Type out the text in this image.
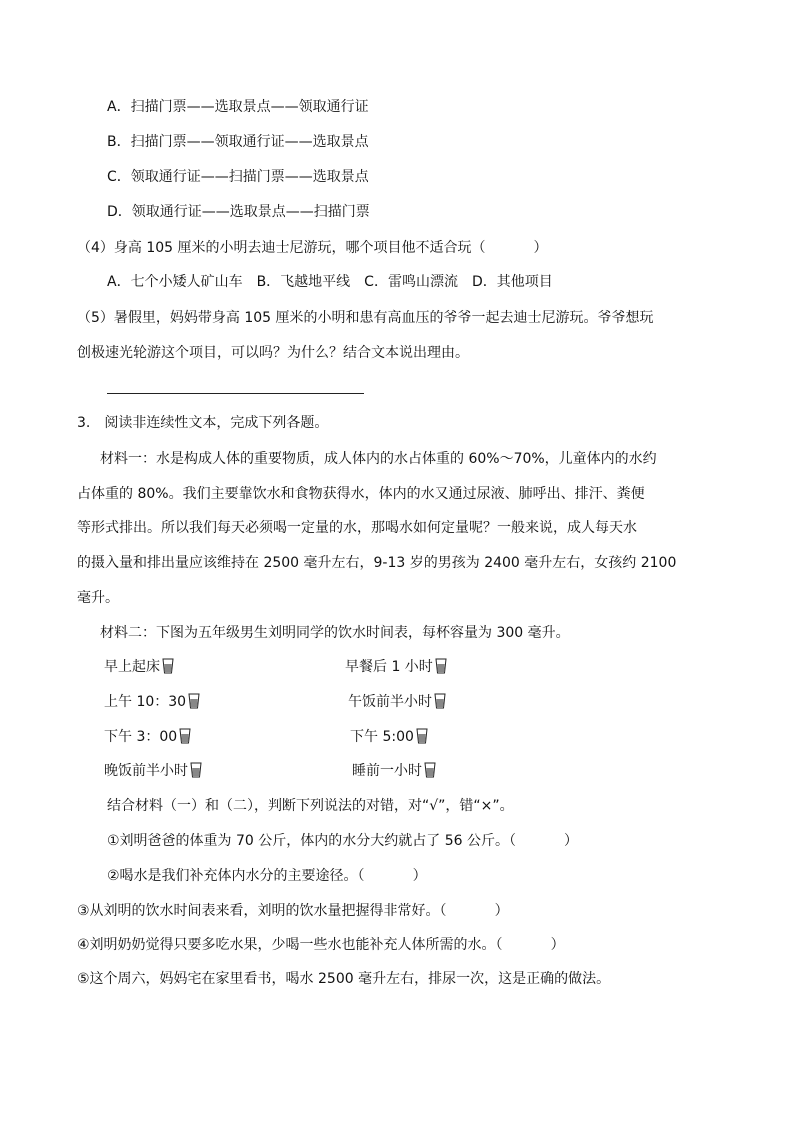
A．扫描门票——选取景点——领取通行证
B．扫描门票——领取通行证——选取景点
C．领取通行证——扫描门票——选取景点
D．领取通行证——选取景点——扫描门票
（4）身高 105 厘米的小明去迪士尼游玩，哪个项目他不适合玩（	）
A．七个小矮人矿山车　B．飞越地平线　C．雷鸣山漂流　D．其他项目
（5）暑假里，妈妈带身高 105 厘米的小明和患有高血压的爷爷一起去迪士尼游玩。爷爷想玩
创极速光轮游这个项目，可以吗？为什么？结合文本说出理由。
3.　阅读非连续性文本，完成下列各题。
材料一：水是构成人体的重要物质，成人体内的水占体重的 60%～70%，儿童体内的水约
占体重的 80%。我们主要靠饮水和食物获得水，体内的水又通过尿液、肺呼出、排汗、粪便
等形式排出。所以我们每天必须喝一定量的水，那喝水如何定量呢？一般来说，成人每天水
的摄入量和排出量应该维持在 2500 毫升左右，9-13 岁的男孩为 2400 毫升左右，女孩约 2100
毫升。
材料二：下图为五年级男生刘明同学的饮水时间表，每杯容量为 300 毫升。
早上起床	早餐后 1 小时
上午 10：30	午饭前半小时
下午 3：00	下午 5:00
晚饭前半小时	睡前一小时
结合材料（一）和（二），判断下列说法的对错，对“√”，错“×”。
①刘明爸爸的体重为 70 公斤，体内的水分大约就占了 56 公斤。（	）
②喝水是我们补充体内水分的主要途径。（	）
③从刘明的饮水时间表来看，刘明的饮水量把握得非常好。（	）
④刘明奶奶觉得只要多吃水果，少喝一些水也能补充人体所需的水。（	）
⑤这个周六，妈妈宅在家里看书，喝水 2500 毫升左右，排尿一次，这是正确的做法。
